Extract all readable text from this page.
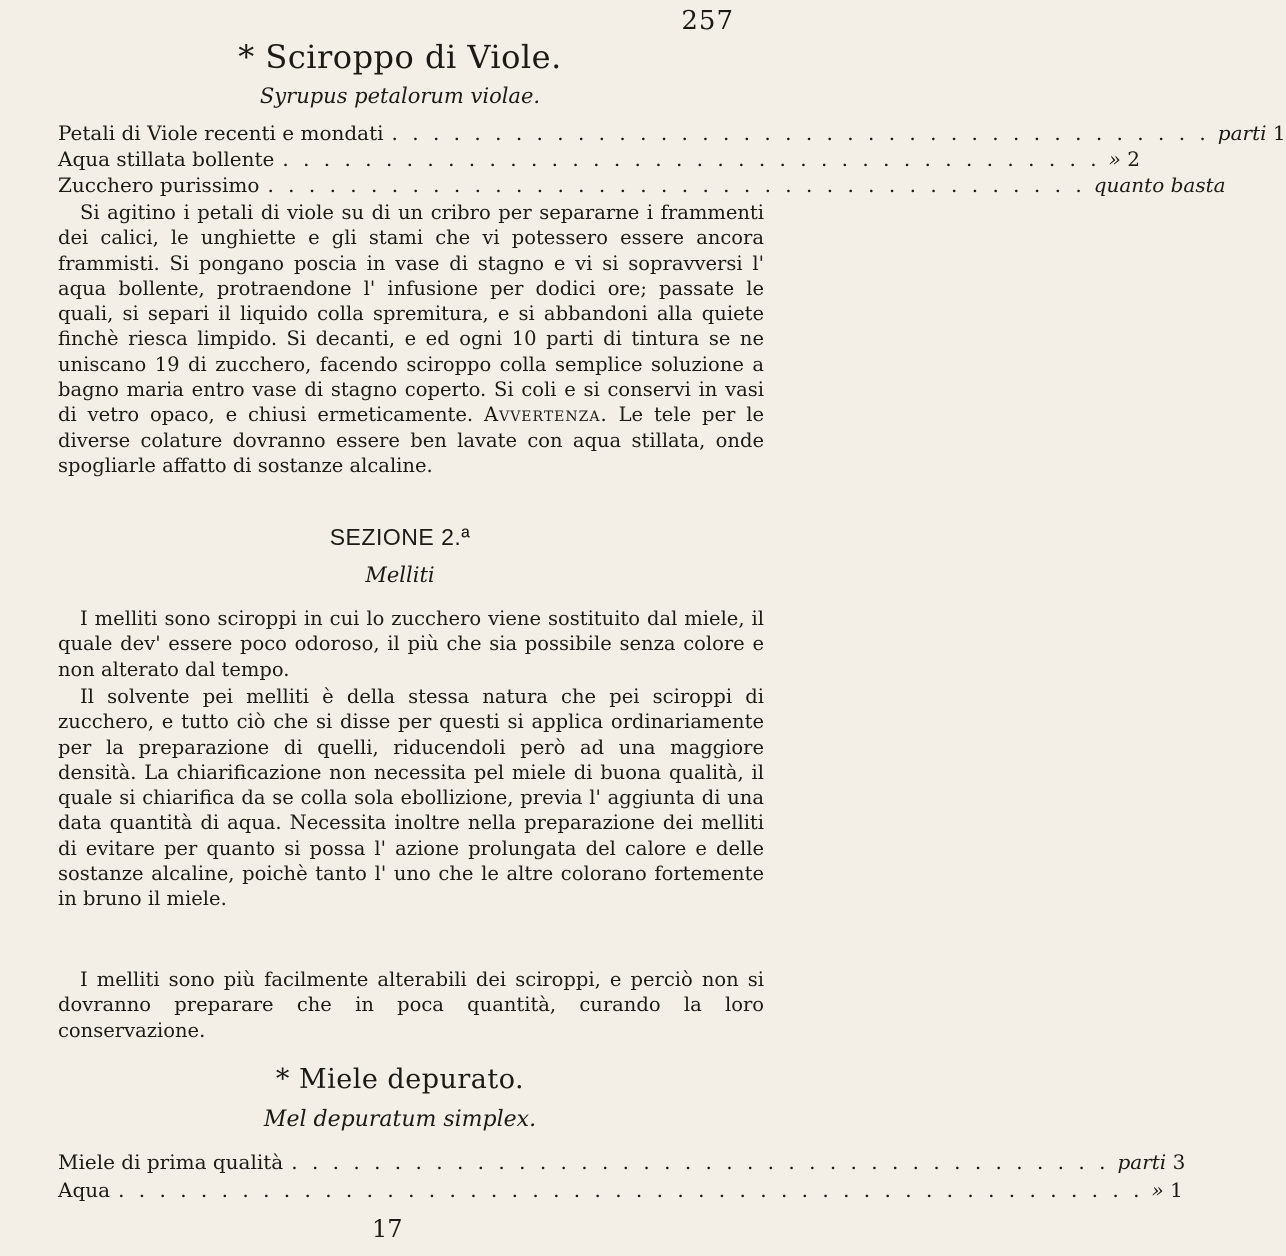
257
* Sciroppo di Viole.
Syrupus petalorum violae.
Petali di Viole recenti e mondati . . . . . . . . . . . . . . . . . . . . . . . . . . . . . . . . . . . . . . . . parti 1
Aqua stillata bollente . . . . . . . . . . . . . . . . . . . . . . . . . . . . . . . . . . . . . . . . » 2
Zucchero purissimo . . . . . . . . . . . . . . . . . . . . . . . . . . . . . . . . . . . . . . . . quanto basta
Si agitino i petali di viole su di un cribro per separarne i frammenti dei calici, le unghiette e gli stami che vi potessero essere ancora frammisti. Si pongano poscia in vase di stagno e vi si sopravversi l' aqua bollente, protraendone l' infusione per dodici ore; passate le quali, si separi il liquido colla spremitura, e si abbandoni alla quiete finchè riesca limpido. Si decanti, e ed ogni 10 parti di tintura se ne uniscano 19 di zucchero, facendo sciroppo colla semplice soluzione a bagno maria entro vase di stagno coperto. Si coli e si conservi in vasi di vetro opaco, e chiusi ermeticamente. Avvertenza. Le tele per le diverse colature dovranno essere ben lavate con aqua stillata, onde spogliarle affatto di sostanze alcaline.
SEZIONE 2.ª
Melliti
I melliti sono sciroppi in cui lo zucchero viene sostituito dal miele, il quale dev' essere poco odoroso, il più che sia possibile senza colore e non alterato dal tempo.
Il solvente pei melliti è della stessa natura che pei sciroppi di zucchero, e tutto ciò che si disse per questi si applica ordinariamente per la preparazione di quelli, riducendoli però ad una maggiore densità. La chiarificazione non necessita pel miele di buona qualità, il quale si chiarifica da se colla sola ebollizione, previa l' aggiunta di una data quantità di aqua. Necessita inoltre nella preparazione dei melliti di evitare per quanto si possa l' azione prolungata del calore e delle sostanze alcaline, poichè tanto l' uno che le altre colorano fortemente in bruno il miele.
I melliti sono più facilmente alterabili dei sciroppi, e perciò non si dovranno preparare che in poca quantità, curando la loro conservazione.
* Miele depurato.
Mel depuratum simplex.
Miele di prima qualità . . . . . . . . . . . . . . . . . . . . . . . . . . . . . . . . . . . . . . . . parti 3
Aqua . . . . . . . . . . . . . . . . . . . . . . . . . . . . . . . . . . . . . . . . . . . . . . . . . . » 1
17
